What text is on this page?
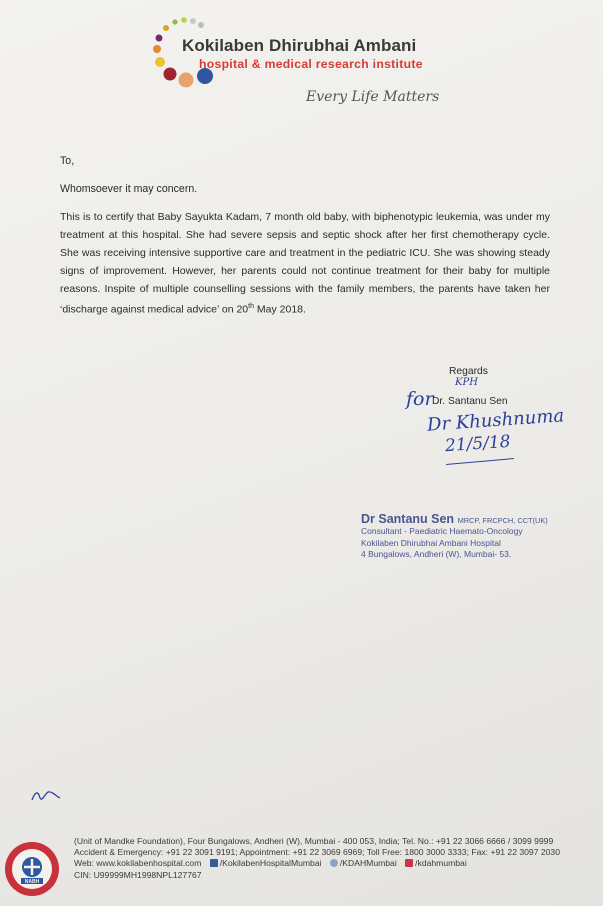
Kokilaben Dhirubhai Ambani
hospital & medical research institute
Every Life Matters
To,
Whomsoever it may concern.
This is to certify that Baby Sayukta Kadam, 7 month old baby, with biphenotypic leukemia, was under my treatment at this hospital. She had severe sepsis and septic shock after her first chemotherapy cycle. She was receiving intensive supportive care and treatment in the pediatric ICU. She was showing steady signs of improvement. However, her parents could not continue treatment for their baby for multiple reasons. Inspite of multiple counselling sessions with the family members, the parents have taken her ‘discharge against medical advice’ on 20th May 2018.
Regards
KPH
for
Dr. Santanu Sen
Dr Khushnuma
21/5/18
Dr Santanu Sen MRCP, FRCPCH, CCT(UK)
Consultant - Paediatric Haemato-Oncology
Kokilaben Dhirubhai Ambani Hospital
4 Bungalows, Andheri (W), Mumbai- 53.
NABH
(Unit of Mandke Foundation), Four Bungalows, Andheri (W), Mumbai - 400 053, India; Tel. No.: +91 22 3066 6666 / 3099 9999
Accident & Emergency: +91 22 3091 9191; Appointment: +91 22 3069 6969; Toll Free: 1800 3000 3333; Fax: +91 22 3097 2030
Web: www.kokilabenhospital.com /KokilabenHospitalMumbai /KDAHMumbai /kdahmumbai
CIN: U99999MH1998NPL127767
